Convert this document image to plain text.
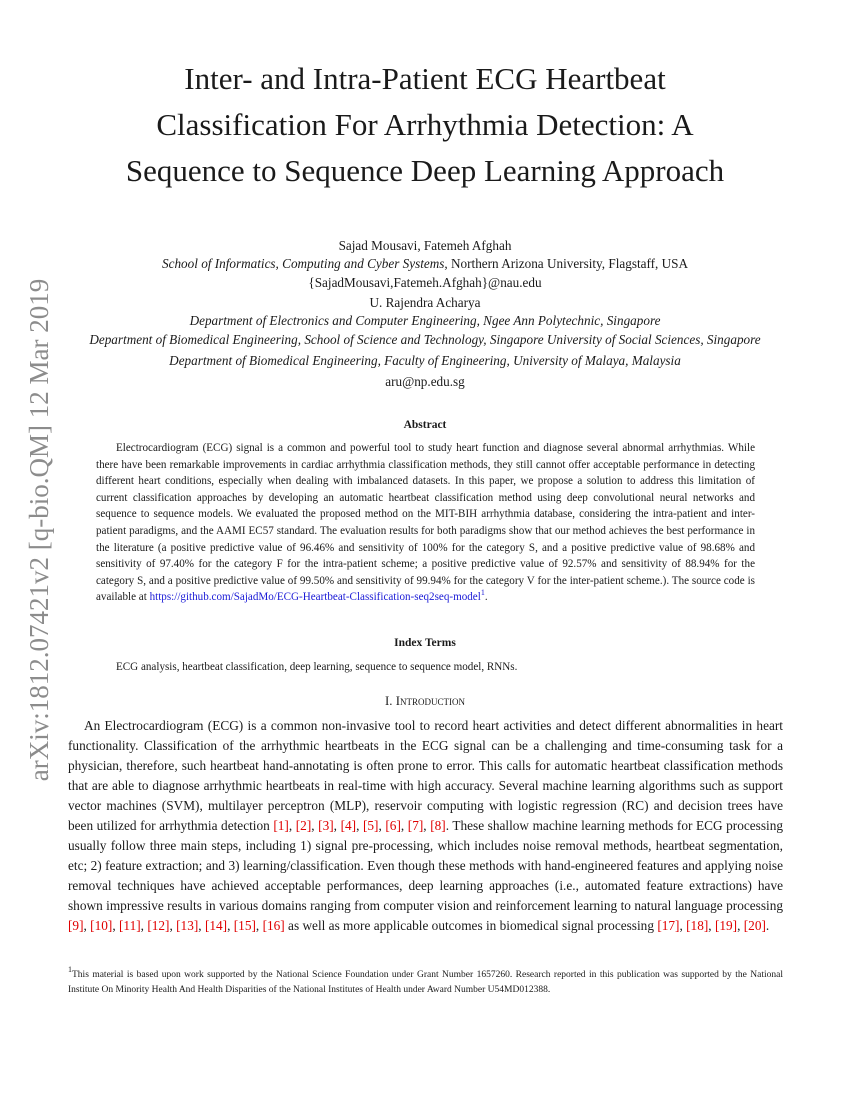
arXiv:1812.07421v2 [q-bio.QM] 12 Mar 2019
Inter- and Intra-Patient ECG Heartbeat
Classification For Arrhythmia Detection: A
Sequence to Sequence Deep Learning Approach
Sajad Mousavi, Fatemeh Afghah
School of Informatics, Computing and Cyber Systems, Northern Arizona University, Flagstaff, USA
{SajadMousavi,Fatemeh.Afghah}@nau.edu
U. Rajendra Acharya
Department of Electronics and Computer Engineering, Ngee Ann Polytechnic, Singapore
Department of Biomedical Engineering, School of Science and Technology, Singapore University of Social Sciences, Singapore
Department of Biomedical Engineering, Faculty of Engineering, University of Malaya, Malaysia
aru@np.edu.sg
Abstract
Electrocardiogram (ECG) signal is a common and powerful tool to study heart function and diagnose several abnormal arrhythmias. While there have been remarkable improvements in cardiac arrhythmia classification methods, they still cannot offer acceptable performance in detecting different heart conditions, especially when dealing with imbalanced datasets. In this paper, we propose a solution to address this limitation of current classification approaches by developing an automatic heartbeat classification method using deep convolutional neural networks and sequence to sequence models. We evaluated the proposed method on the MIT-BIH arrhythmia database, considering the intra-patient and inter-patient paradigms, and the AAMI EC57 standard. The evaluation results for both paradigms show that our method achieves the best performance in the literature (a positive predictive value of 96.46% and sensitivity of 100% for the category S, and a positive predictive value of 98.68% and sensitivity of 97.40% for the category F for the intra-patient scheme; a positive predictive value of 92.57% and sensitivity of 88.94% for the category S, and a positive predictive value of 99.50% and sensitivity of 99.94% for the category V for the inter-patient scheme.). The source code is available at https://github.com/SajadMo/ECG-Heartbeat-Classification-seq2seq-model$^1$.
Index Terms
ECG analysis, heartbeat classification, deep learning, sequence to sequence model, RNNs.
I. Introduction
An Electrocardiogram (ECG) is a common non-invasive tool to record heart activities and detect different abnormalities in heart functionality. Classification of the arrhythmic heartbeats in the ECG signal can be a challenging and time-consuming task for a physician, therefore, such heartbeat hand-annotating is often prone to error. This calls for automatic heartbeat classification methods that are able to diagnose arrhythmic heartbeats in real-time with high accuracy. Several machine learning algorithms such as support vector machines (SVM), multilayer perceptron (MLP), reservoir computing with logistic regression (RC) and decision trees have been utilized for arrhythmia detection [1], [2], [3], [4], [5], [6], [7], [8]. These shallow machine learning methods for ECG processing usually follow three main steps, including 1) signal pre-processing, which includes noise removal methods, heartbeat segmentation, etc; 2) feature extraction; and 3) learning/classification. Even though these methods with hand-engineered features and applying noise removal techniques have achieved acceptable performances, deep learning approaches (i.e., automated feature extractions) have shown impressive results in various domains ranging from computer vision and reinforcement learning to natural language processing [9], [10], [11], [12], [13], [14], [15], [16] as well as more applicable outcomes in biomedical signal processing [17], [18], [19], [20].
$^1$This material is based upon work supported by the National Science Foundation under Grant Number 1657260. Research reported in this publication was supported by the National Institute On Minority Health And Health Disparities of the National Institutes of Health under Award Number U54MD012388.
